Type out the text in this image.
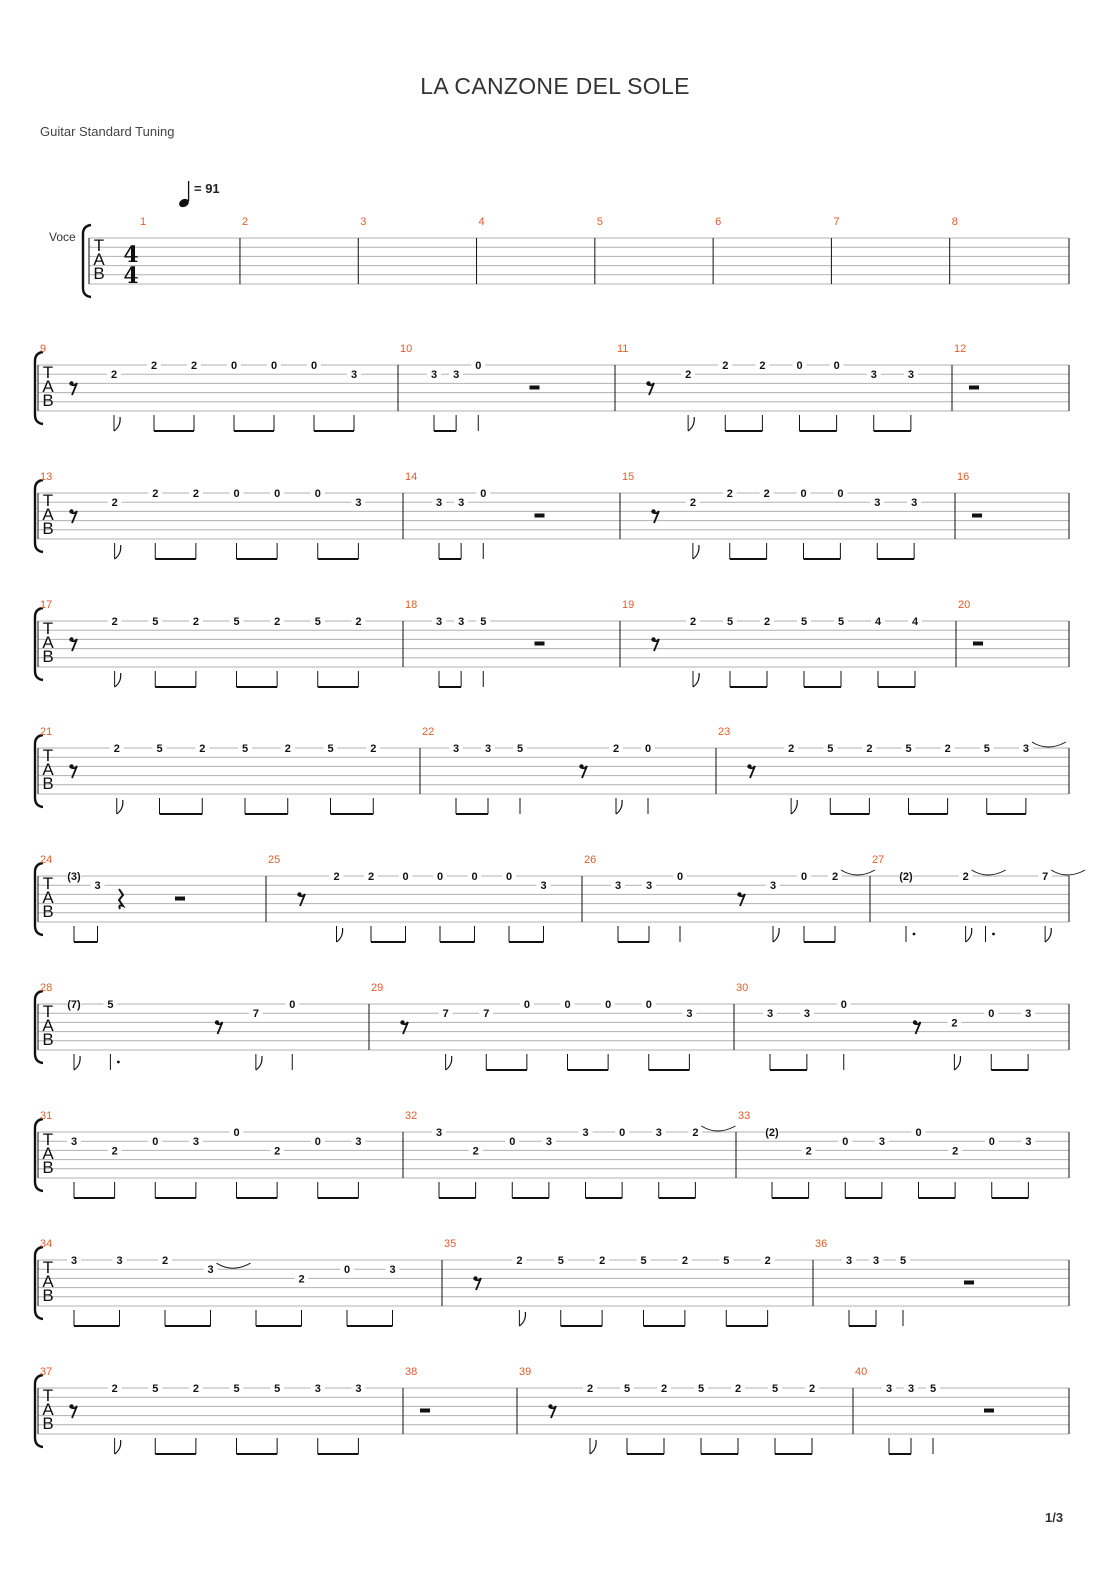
LA CANZONE DEL SOLE
Guitar Standard Tuning
1/3
Voce
= 91
T
A
B
4
4
1	2	3	4	5	6	7	8
T
A
B
9
2
2	2	0	0	0
3
10
3 3
0
11
2
2	2	0	0
3	3
12
T
A
B
13
2
2	2	0	0	0
3
14
3 3
0
15
2
2	2	0	0
3	3
16
T
A
B
17
2	5	2	5	2	5	2
18
3 3 5
19
2	5	2	5	5	4	4
20
T
A
B
21
2	5	2	5	2	5	2
22
3 3 5	2 0
23
2	5	2	5	2	5	3
T
A
B
24
(3)
3
25
2	2	0	0	0	0
3
26
3 3
0
3
0 2
27
(2)	2	7
T
A
B
28
(7) 5
7
0
29
7	7
0	0	0	0
3
30
3	3
0
2
0	3
T
A
B
31
3
2
0	3
0
2
0	3
32
3
2
0	3
3	0	3	2
33
(2)
2
0	3
0
2
0	3
T
A
B
34
3	3	2
3
2
0	3
35
2	5	2	5	2	5	2
36
3 3 5
T
A
B
37
2	5	2	5	5	3	3
38	39
2	5	2	5	2	5	2
40
3 3 5
